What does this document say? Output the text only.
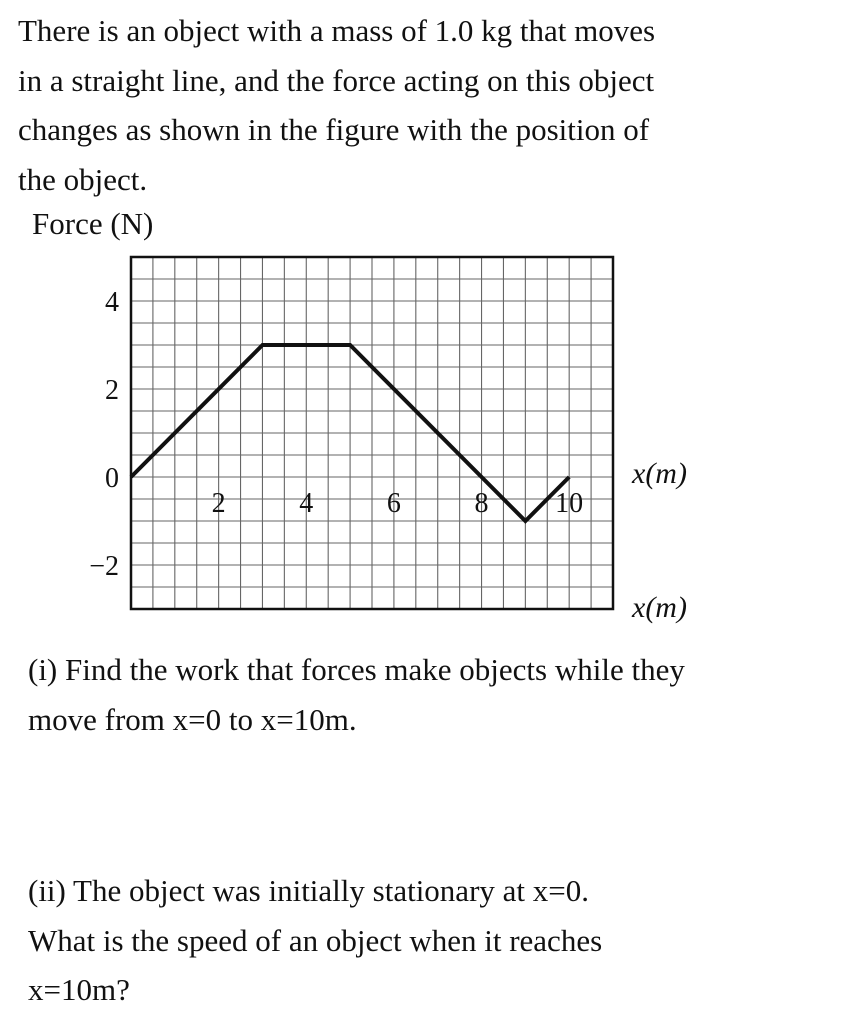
There is an object with a mass of 1.0 kg that moves
in a straight line, and the force acting on this object
changes as shown in the figure with the position of
the object.

Force (N)
2	4	6	8 10
4
2
0
−2
x(m)
x(m)

(i) Find the work that forces make objects while they
move from x=0 to x=10m.

(ii) The object was initially stationary at x=0.
What is the speed of an object when it reaches
x=10m?
